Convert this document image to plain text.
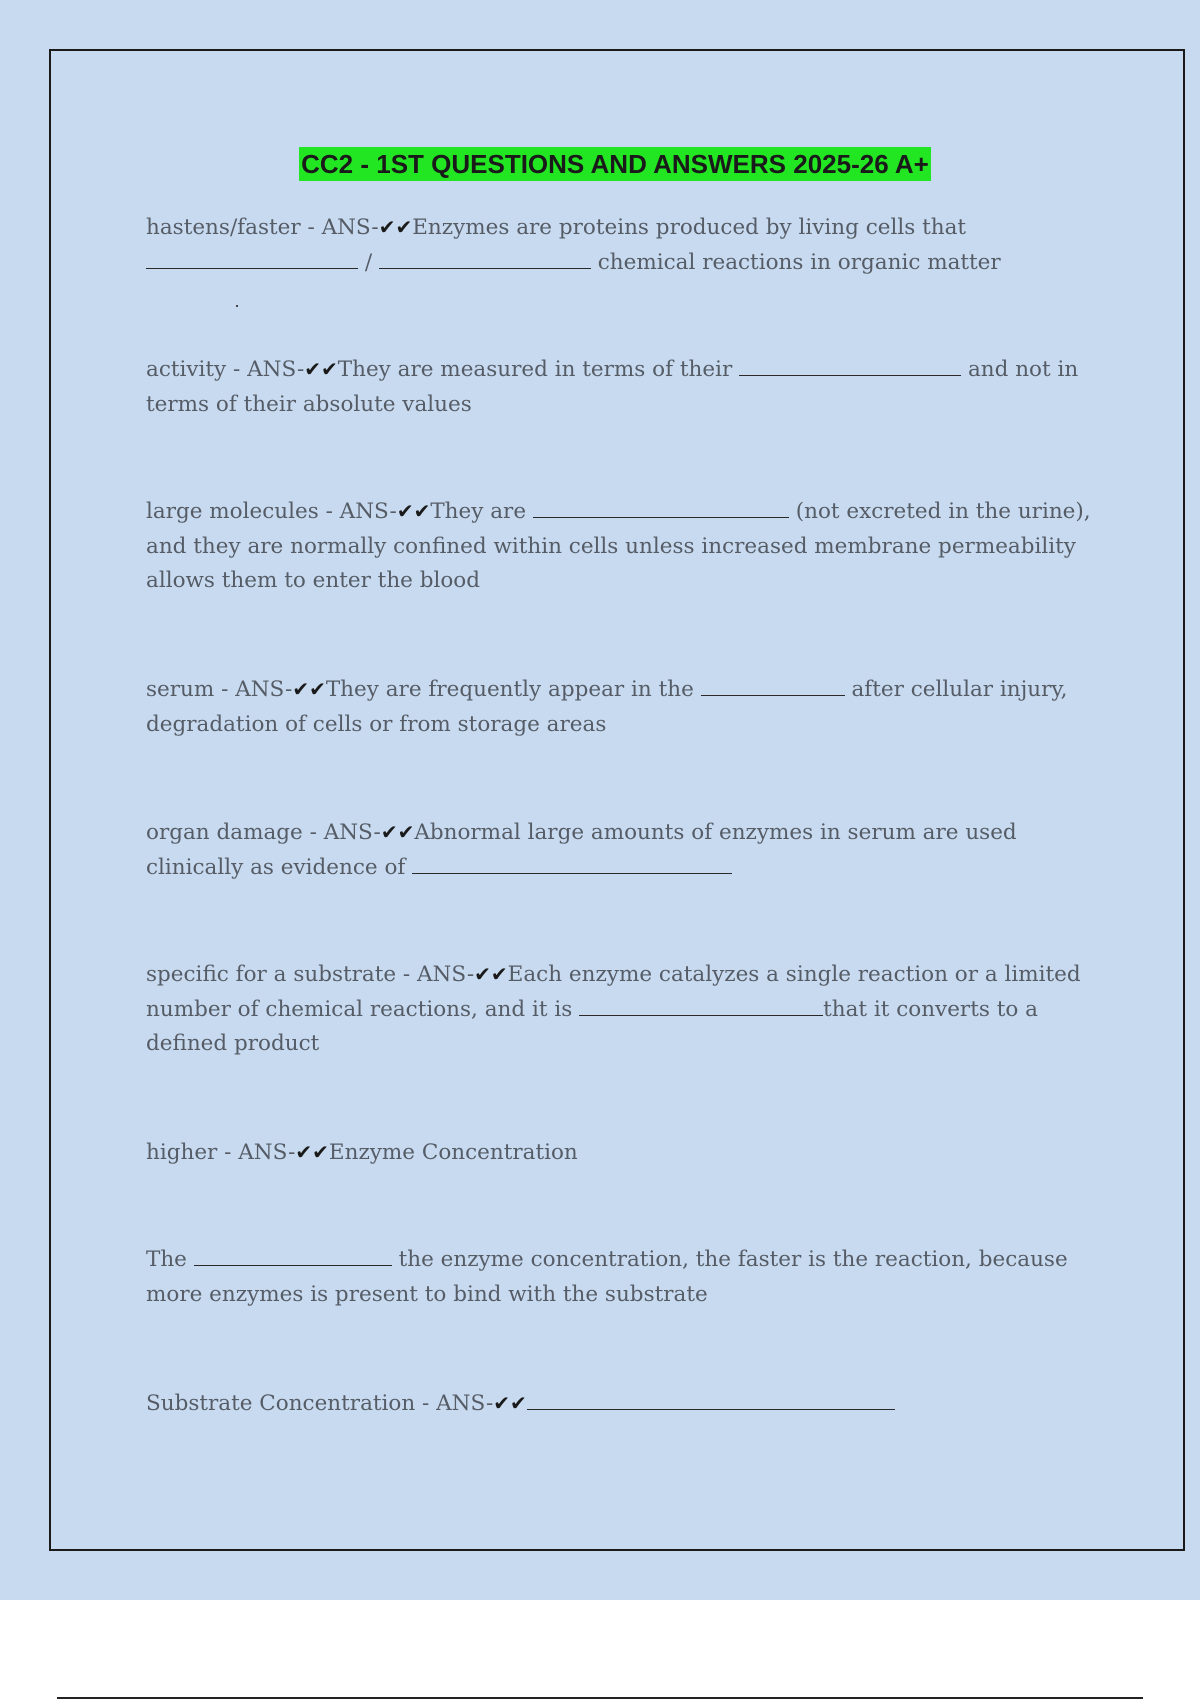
CC2 - 1ST QUESTIONS AND ANSWERS 2025-26 A+

hastens/faster - ANS-✔✔Enzymes are proteins produced by living cells that
/	chemical reactions in organic matter

activity - ANS-✔✔They are measured in terms of their	and not in terms of their absolute values

large molecules - ANS-✔✔They are	(not excreted in the urine), and they are normally confined within cells unless increased membrane permeability allows them to enter the blood

serum - ANS-✔✔They are frequently appear in the	after cellular injury, degradation of cells or from storage areas

organ damage - ANS-✔✔Abnormal large amounts of enzymes in serum are used clinically as evidence of

specific for a substrate - ANS-✔✔Each enzyme catalyzes a single reaction or a limited number of chemical reactions, and it is	that it converts to a defined product

higher - ANS-✔✔Enzyme Concentration

The	the enzyme concentration, the faster is the reaction, because more enzymes is present to bind with the substrate

Substrate Concentration - ANS-✔✔
